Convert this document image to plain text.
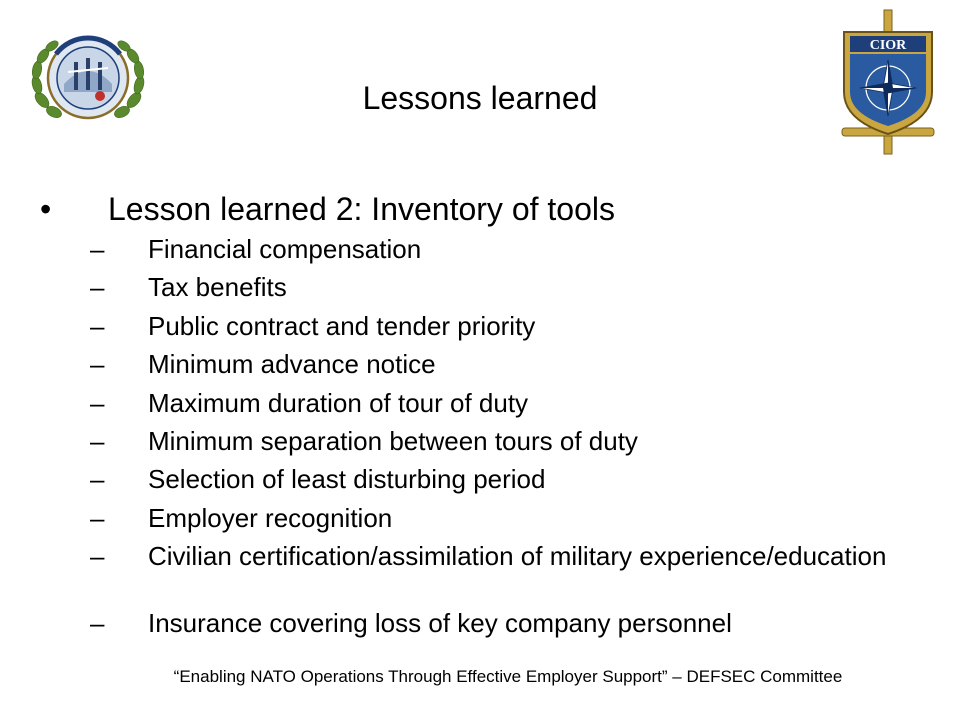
CIOR
Lessons learned
• Lesson learned 2: Inventory of tools
– Financial compensation
– Tax benefits
– Public contract and tender priority
– Minimum advance notice
– Maximum duration of tour of duty
– Minimum separation between tours of duty
– Selection of least disturbing period
– Employer recognition
– Civilian certification/assimilation of military experience/education
– Insurance covering loss of key company personnel
“Enabling NATO Operations Through Effective Employer Support” – DEFSEC Committee
